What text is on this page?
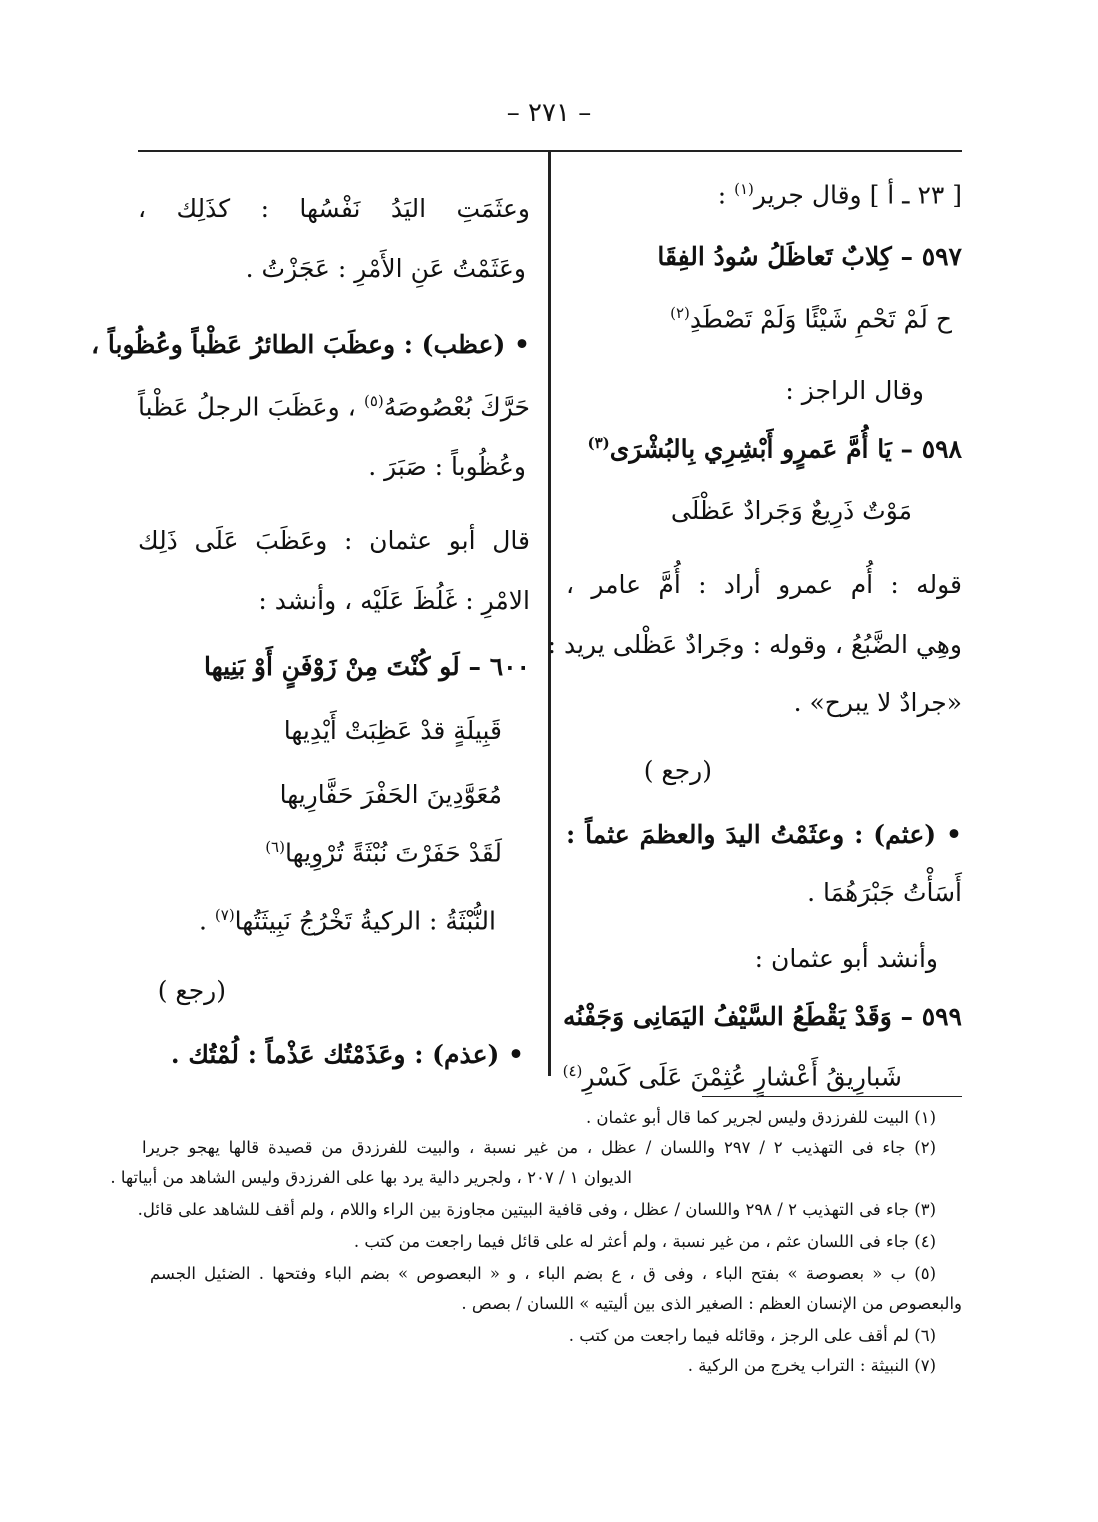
– ٢٧١ –
[ ٢٣ ـ أ ] وقال جرير$^{(١)}$ :
٥٩٧ – كِلابٌ تَعاظَلُ سُودُ الفِقَا
ح لَمْ تَحْمِ شَيْئًا وَلَمْ تَصْطَدِ$^{(٢)}$
وقال الراجز :
٥٩٨ – يَا أُمَّ عَمرٍو أَبْشِرِي بِالبُشْرَى$^{(٣)}$
مَوْتٌ ذَرِيعٌ وَجَرادٌ عَظْلَى
قوله : أُم عمرو أراد : أُمَّ عامر ،
وهِي الضَّبُعُ ، وقوله : وجَرادٌ عَظْلى يريد :
«جرادٌ لا يبرح» .
(رجع )
• (عثم) : وعثَمْتُ اليدَ والعظمَ عثماً :
أَسَأْتُ جَبْرَهُمَا .
وأنشد أبو عثمان :
٥٩٩ – وَقَدْ يَقْطَعُ السَّيْفُ اليَمَانِى وَجَفْنُه
شَبارِيقُ أَعْشارٍ عُثِمْنَ عَلَى كَسْرِ$^{(٤)}$
وعثَمَتِ اليَدُ نَفْسُها : كذَلِك ،
وعَثَمْتُ عَنِ الأَمْرِ : عَجَزْتُ .
• (عظب) : وعظَبَ الطائرُ عَظْباً وعُظُوباً ،
حَرَّكَ بُعْصُوصَهُ$^{(٥)}$ ، وعَظَبَ الرجلُ عَظْباً
وعُظُوباً : صَبَرَ .
قال أبو عثمان : وعَظَبَ عَلَى ذَلِك
الامْرِ : غَلُظَ عَلَيْه ، وأنشد :
٦٠٠ – لَو كُنْتَ مِنْ زَوْفَنٍ أَوْ بَنِيها
قَبِيلَةٍ قدْ عَظِبَتْ أَيْدِيها
مُعَوَّدِينَ الحَفْرَ حَفَّارِيها
لَقَدْ حَفَرْتَ نُبْثَةً تُرْوِيها$^{(٦)}$
النُّبْثَةُ : الركيةُ تَخْرُجُ نَبِيثَتُها$^{(٧)}$ .
(رجع )
• (عذم) : وعَذَمْتُك عَذْماً : لُمْتُك .
(١) البيت للفرزدق وليس لجرير كما قال أبو عثمان .
(٢) جاء فى التهذيب ٢ / ٢٩٧ واللسان / عظل ، من غير نسبة ، والبيت للفرزدق من قصيدة قالها يهجو جريرا
الديوان ١ / ٢٠٧ ، ولجرير دالية يرد بها على الفرزدق وليس الشاهد من أبياتها .
(٣) جاء فى التهذيب ٢ / ٢٩٨ واللسان / عظل ، وفى قافية البيتين مجاوزة بين الراء واللام ، ولم أقف للشاهد على قائل.
(٤) جاء فى اللسان عثم ، من غير نسبة ، ولم أعثر له على قائل فيما راجعت من كتب .
(٥) ب « بعصوصة » بفتح الباء ، وفى ق ، ع بضم الباء ، و « البعصوص » بضم الباء وفتحها . الضئيل الجسم
والبعصوص من الإنسان العظم : الصغير الذى بين أليتيه » اللسان / بصص .
(٦) لم أقف على الرجز ، وقائله فيما راجعت من كتب .
(٧) النبيثة : التراب يخرج من الركية .
